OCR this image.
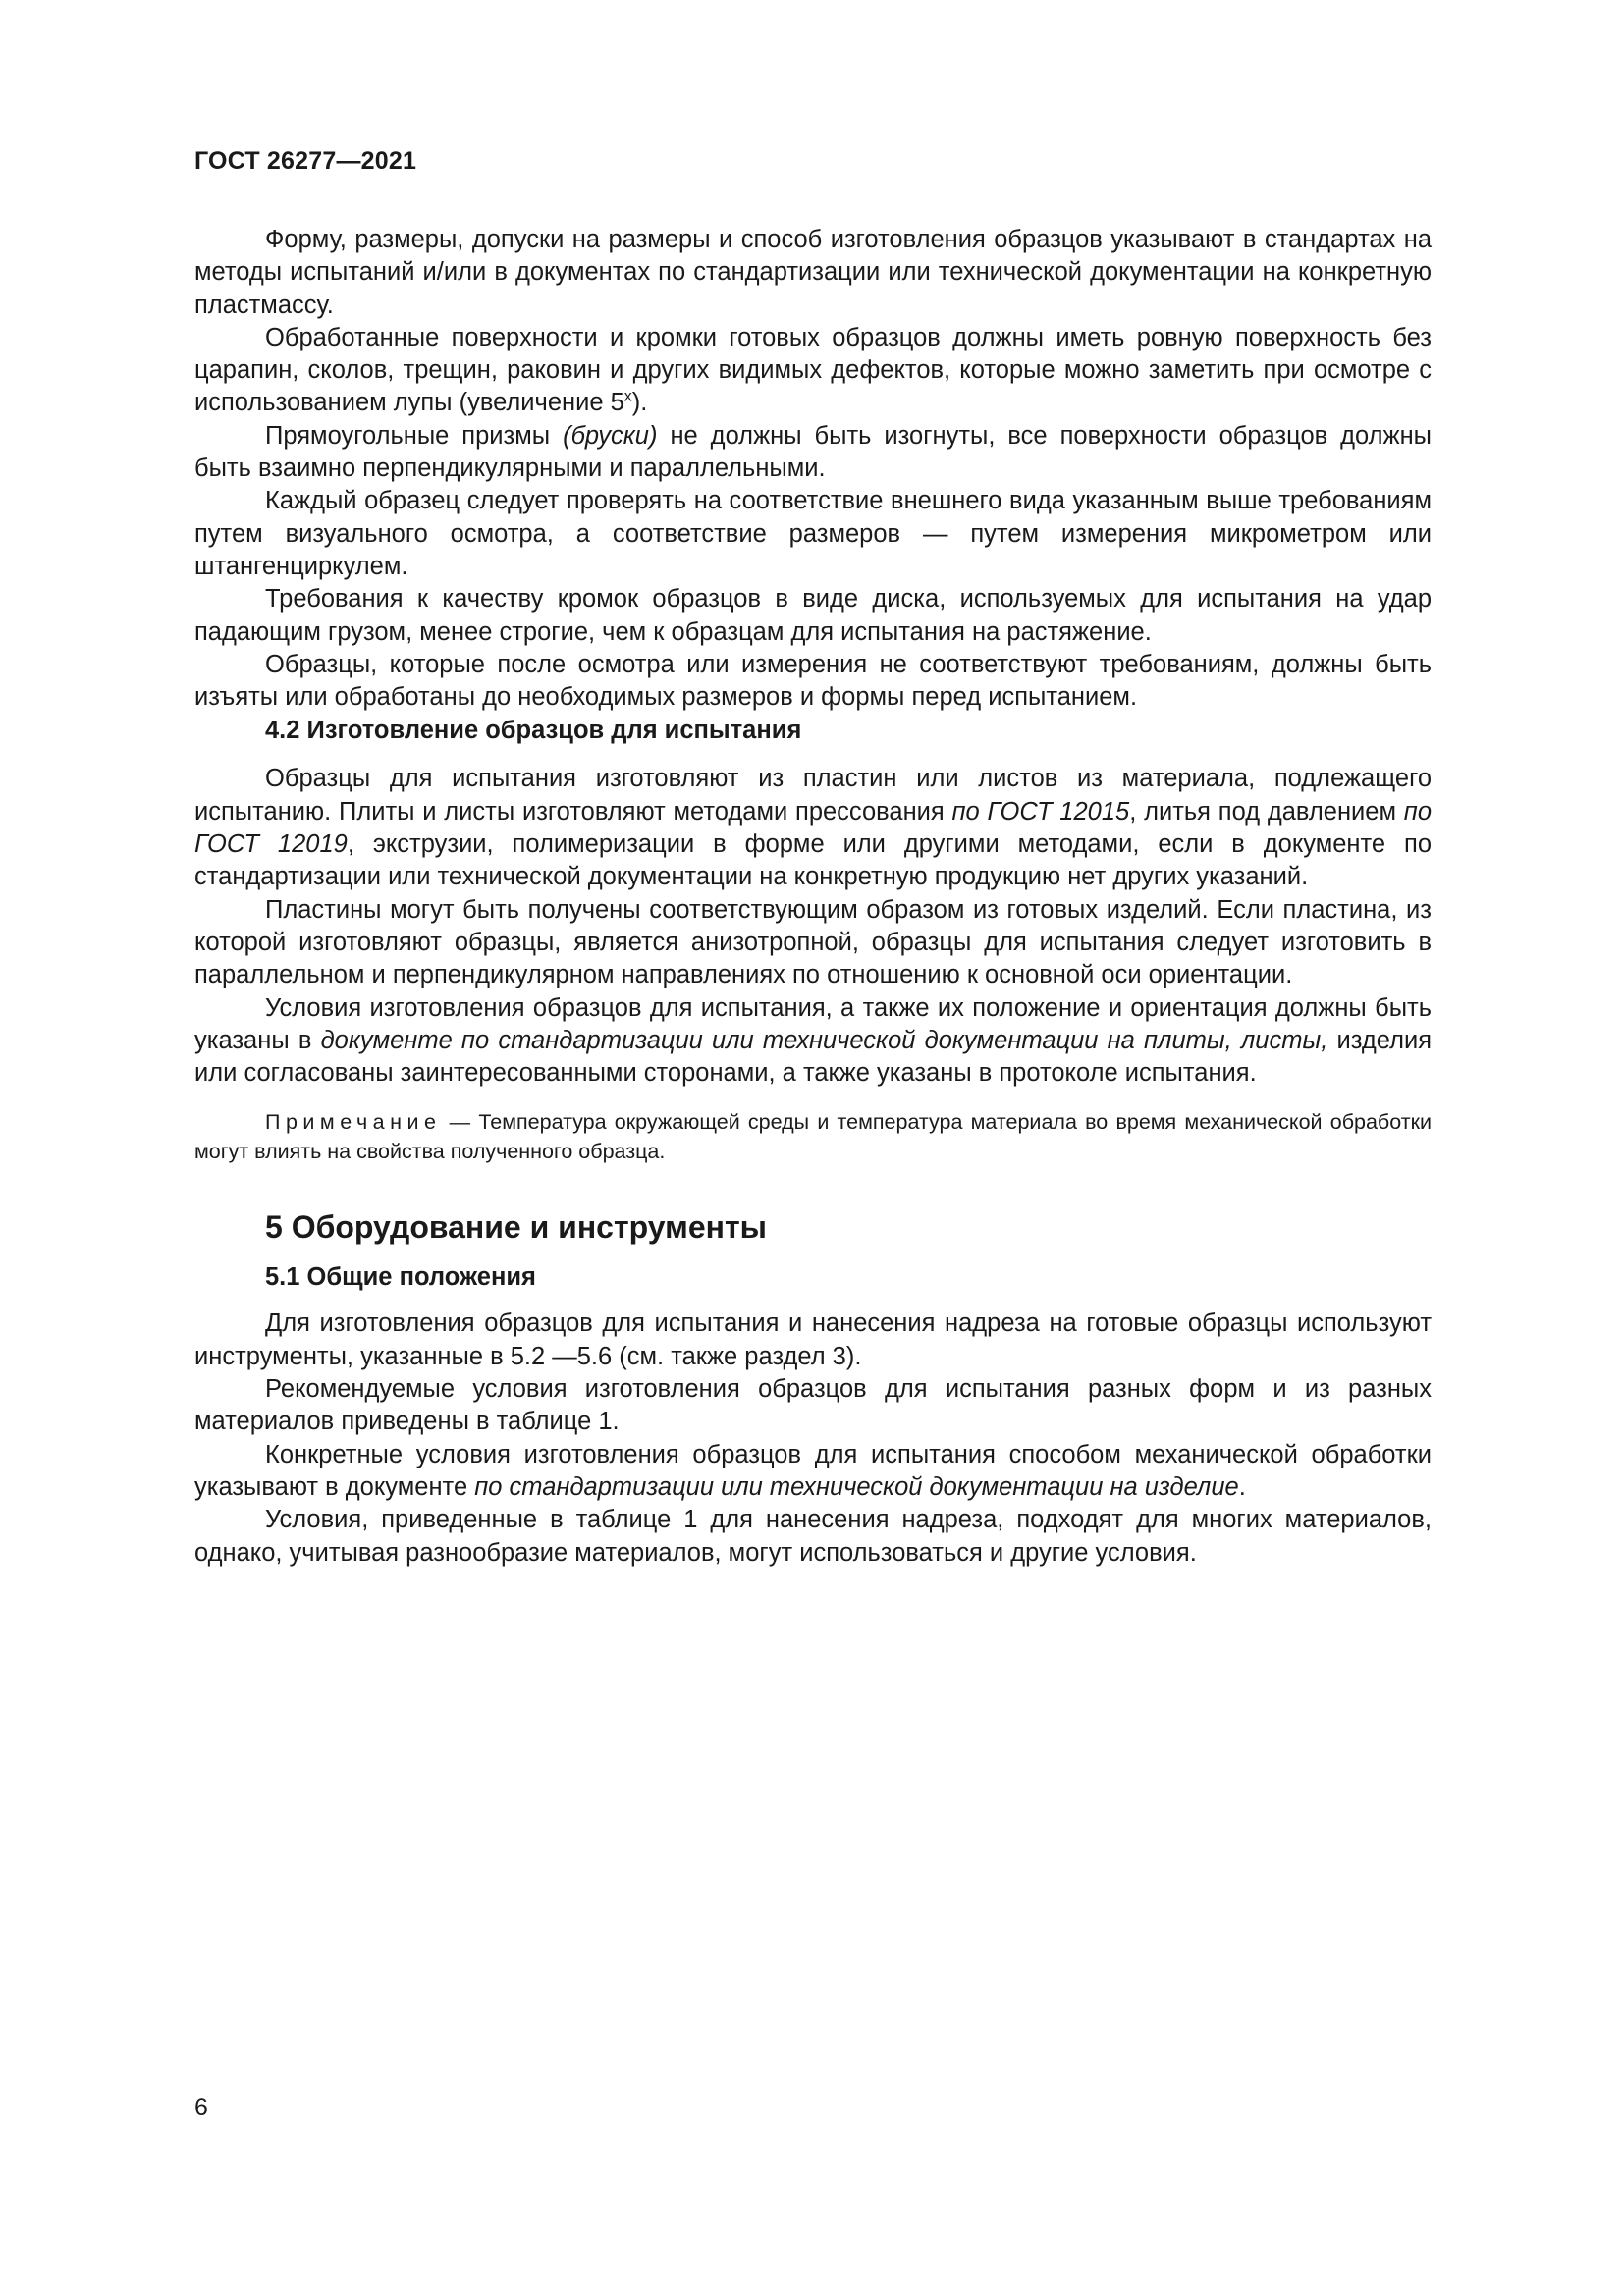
ГОСТ 26277—2021

Форму, размеры, допуски на размеры и способ изготовления образцов указывают в стандартах на методы испытаний и/или в документах по стандартизации или технической документации на конкретную пластмассу.

Обработанные поверхности и кромки готовых образцов должны иметь ровную поверхность без царапин, сколов, трещин, раковин и других видимых дефектов, которые можно заметить при осмотре с использованием лупы (увеличение $5^х$).

Прямоугольные призмы (бруски) не должны быть изогнуты, все поверхности образцов должны быть взаимно перпендикулярными и параллельными.

Каждый образец следует проверять на соответствие внешнего вида указанным выше требованиям путем визуального осмотра, а соответствие размеров — путем измерения микрометром или штангенциркулем.

Требования к качеству кромок образцов в виде диска, используемых для испытания на удар падающим грузом, менее строгие, чем к образцам для испытания на растяжение.

Образцы, которые после осмотра или измерения не соответствуют требованиям, должны быть изъяты или обработаны до необходимых размеров и формы перед испытанием.

4.2 Изготовление образцов для испытания

Образцы для испытания изготовляют из пластин или листов из материала, подлежащего испытанию. Плиты и листы изготовляют методами прессования по ГОСТ 12015, литья под давлением по ГОСТ 12019, экструзии, полимеризации в форме или другими методами, если в документе по стандартизации или технической документации на конкретную продукцию нет других указаний.

Пластины могут быть получены соответствующим образом из готовых изделий. Если пластина, из которой изготовляют образцы, является анизотропной, образцы для испытания следует изготовить в параллельном и перпендикулярном направлениях по отношению к основной оси ориентации.

Условия изготовления образцов для испытания, а также их положение и ориентация должны быть указаны в документе по стандартизации или технической документации на плиты, листы, изделия или согласованы заинтересованными сторонами, а также указаны в протоколе испытания.

Примечание — Температура окружающей среды и температура материала во время механической обработки могут влиять на свойства полученного образца.

5 Оборудование и инструменты
5.1 Общие положения

Для изготовления образцов для испытания и нанесения надреза на готовые образцы используют инструменты, указанные в 5.2 —5.6 (см. также раздел 3).

Рекомендуемые условия изготовления образцов для испытания разных форм и из разных материалов приведены в таблице 1.

Конкретные условия изготовления образцов для испытания способом механической обработки указывают в документе по стандартизации или технической документации на изделие.

Условия, приведенные в таблице 1 для нанесения надреза, подходят для многих материалов, однако, учитывая разнообразие материалов, могут использоваться и другие условия.

6
